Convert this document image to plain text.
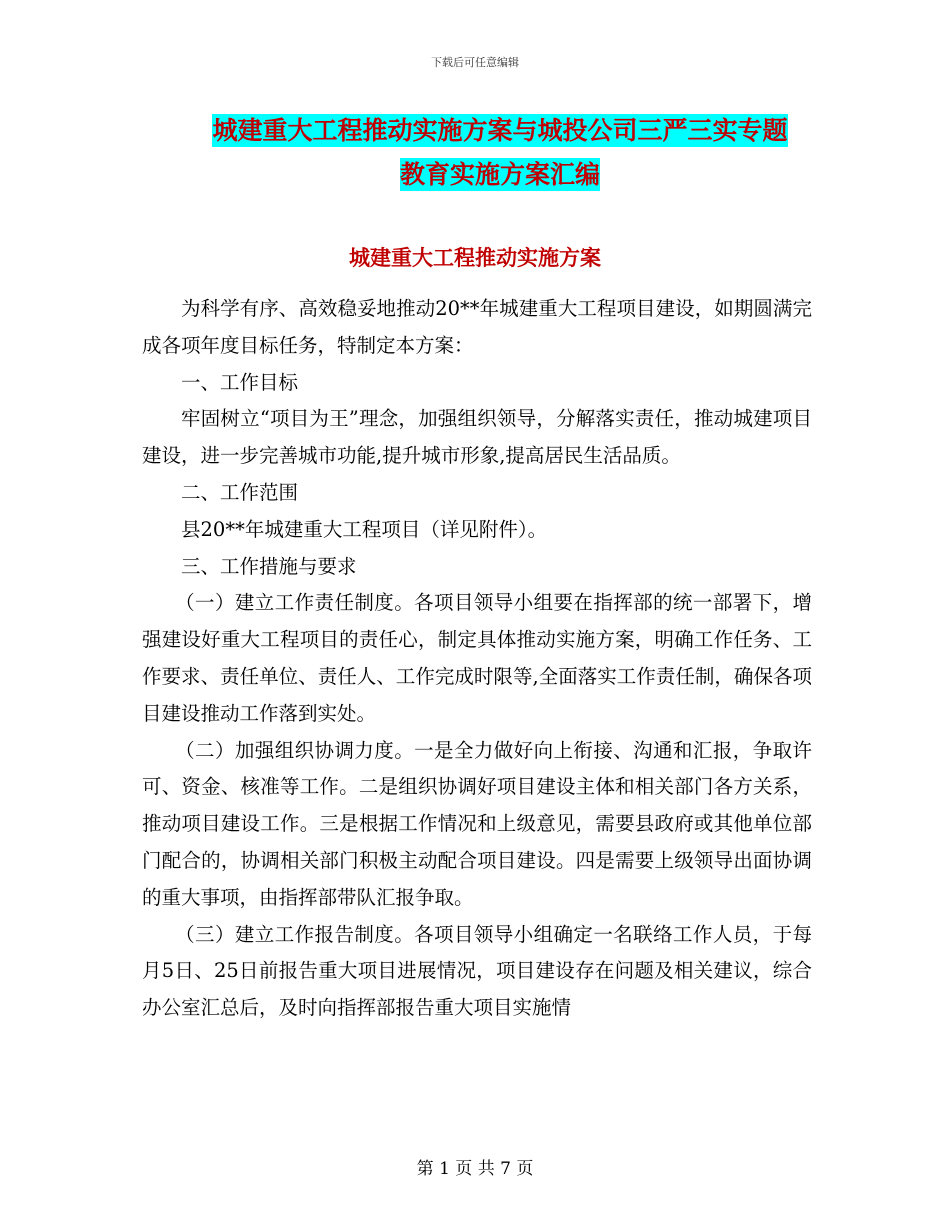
下载后可任意编辑
城建重大工程推动实施方案与城投公司三严三实专题
教育实施方案汇编
城建重大工程推动实施方案

为科学有序、高效稳妥地推动20**年城建重大工程项目建设，如期圆满完成各项年度目标任务，特制定本方案：

一、工作目标

牢固树立“项目为王”理念，加强组织领导，分解落实责任，推动城建项目建设，进一步完善城市功能,提升城市形象,提高居民生活品质。

二、工作范围

县20**年城建重大工程项目（详见附件）。

三、工作措施与要求

（一）建立工作责任制度。各项目领导小组要在指挥部的统一部署下，增强建设好重大工程项目的责任心，制定具体推动实施方案，明确工作任务、工作要求、责任单位、责任人、工作完成时限等,全面落实工作责任制，确保各项目建设推动工作落到实处。

（二）加强组织协调力度。一是全力做好向上衔接、沟通和汇报，争取许可、资金、核准等工作。二是组织协调好项目建设主体和相关部门各方关系，推动项目建设工作。三是根据工作情况和上级意见，需要县政府或其他单位部门配合的，协调相关部门积极主动配合项目建设。四是需要上级领导出面协调的重大事项，由指挥部带队汇报争取。

（三）建立工作报告制度。各项目领导小组确定一名联络工作人员，于每月5日、25日前报告重大项目进展情况，项目建设存在问题及相关建议，综合办公室汇总后，及时向指挥部报告重大项目实施情

第 1 页 共 7 页
